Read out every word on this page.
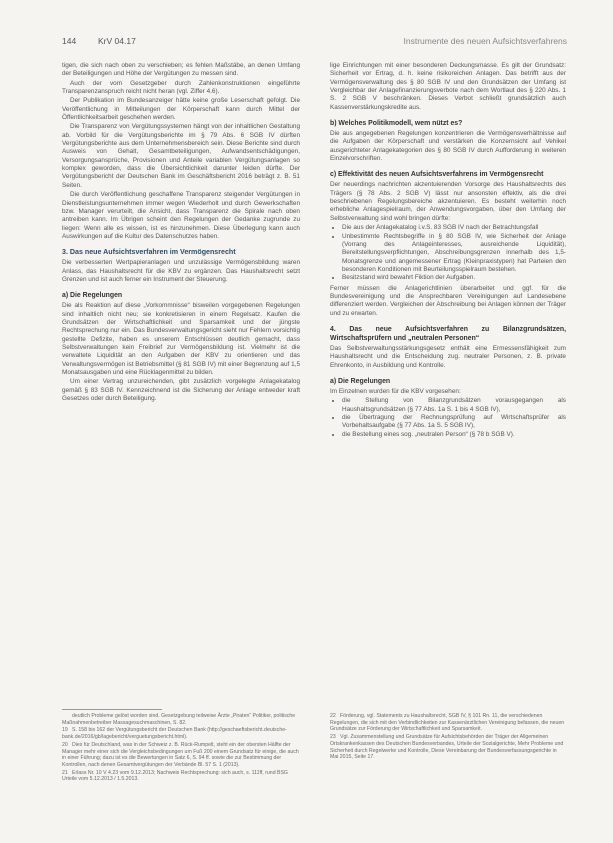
144	KrV 04.17	Instrumente des neuen Aufsichtsverfahrens

tigen, die sich nach oben zu verschieben; es fehlen Maßstäbe, an denen Umfang der Beteiligungen und Höhe der Vergütungen zu messen sind.

Auch der vom Gesetzgeber durch Zahlenkonstruktionen eingeführte Transparenzanspruch reicht nicht heran (vgl. Ziffer 4.6).

Der Publikation im Bundesanzeiger hätte keine große Leserschaft gefolgt. Die Veröffentlichung in Mitteilungen der Körperschaft kann durch Mittel der Öffentlichkeitsarbeit geschehen werden.

Die Transparenz von Vergütungssystemen hängt von der inhaltlichen Gestaltung ab. Vorbild für die Vergütungsberichte im § 79 Abs. 6 SGB IV dürften Vergütungsberichte aus dem Unternehmensbereich sein. Diese Berichte sind durch Ausweis von Gehalt, Gesamtbeteiligungen, Aufwandsentschädigungen, Versorgungsansprüche, Provisionen und Anteile variablen Vergütungsanlagen so komplex geworden, dass die Übersichtlichkeit darunter leiden dürfte. Der Vergütungsbericht der Deutschen Bank im Geschäftsbericht 2016 beträgt z. B. 51 Seiten.

Die durch Veröffentlichung geschaffene Transparenz steigender Vergütungen in Dienstleistungsunternehmen immer wegen Wiederholt und durch Gewerkschaften bzw. Manager verurteilt, die Ansicht, dass Transparenz die Spirale nach oben antreiben kann. Im Übrigen scheint den Regelungen der Gedanke zugrunde zu liegen: Wenn alle es wissen, ist es hinzunehmen. Diese Überlegung kann auch Auswirkungen auf die Kultur des Datenschutzes haben.

3. Das neue Aufsichtsverfahren im Vermögensrecht

Die verbesserten Wertpapieranlagen und unzulässige Vermögensbildung waren Anlass, das Haushaltsrecht für die KBV zu ergänzen. Das Haushaltsrecht setzt Grenzen und ist auch ferner ein Instrument der Steuerung.

a) Die Regelungen

Die als Reaktion auf diese „Vorkommnisse“ bisweilen vorgegebenen Regelungen sind inhaltlich nicht neu; sie konkretisieren in einem Regelsatz. Kaufen die Grundsätzen der Wirtschaftlichkeit und Sparsamkeit und der jüngste Rechtsprechung nur ein. Das Bundesverwaltungsgericht sieht nur Fehlern vorsichtig gestellte Defizite, haben es unserem Entschlüssen deutlich gemacht, dass Selbstverwaltungen kein Freibrief zur Vermögensbildung ist. Vielmehr ist die verwaltete Liquidität an den Aufgaben der KBV zu orientieren und das Verwaltungsvermögen ist Betriebsmittel (§ 81 SGB IV) mit einer Begrenzung auf 1,5 Monatsausgaben und eine Rücklagenmittel zu bilden.

Um einer Vertrag unzureichenden, gibt zusätzlich vorgelegte Anlagekatalog gemäß § 83 SGB IV. Kennzeichnend ist die Sicherung der Anlage entweder kraft Gesetzes oder durch Beteiligung.

lige Einrichtungen mit einer besonderen Deckungsmasse. Es gilt der Grundsatz: Sicherheit vor Ertrag, d. h. keine risikoreichen Anlagen. Das betrifft aus der Vermögensverwaltung des § 80 SGB IV und den Grundsätzen der Umfang ist Vergleichbar der Anlagefinanzierungsverbote nach dem Wortlaut des § 220 Abs. 1 S. 2 SGB V beschränken. Dieses Verbot schließt grundsätzlich auch Kassenverstärkungskredite aus.

b) Welches Politikmodell, wem nützt es?

Die aus angegebenen Regelungen konzentrieren die Vermögensverhältnisse auf die Aufgaben der Körperschaft und verstärken die Konzernsicht auf Vehikel ausgerichteter Anlagekategorien des § 80 SGB IV durch Aufforderung in weiteren Einzelvorschriften.

c) Effektivität des neuen Aufsichtsverfahrens im Vermögensrecht

Der neuerdings nachrichten akzentuierenden Vorsorge des Haushaltsrechts des Trägers (§ 78 Abs. 2 SGB V) lässt nur ansonsten effektiv, als die drei beschriebenen Regelungsbereiche akzentuieren. Es besteht weiterhin noch erhebliche Anlagespielraum, der Anwendungsvorgaben, über den Umfang der Selbstverwaltung sind wohl bringen dürfte:

• Die aus der Anlagekatalog i.v.S. 83 SGB IV nach der Betrachtungsfall
• Unbestimmte Rechtsbegriffe in § 80 SGB IV, wie Sicherheit der Anlage (Vorrang des Anlageinteresses, ausreichende Liquidität), Bereitstellungsverpflichtungen, Abschreibungsgrenzen innerhalb des 1,5-Monatsgrenze und angemessener Ertrag (Kleinpraxistypen) hat Parteien den besonderen Konditionen mit Beurteilungsspielraum bestehen.
• Besitzstand wird bewahrt Fiktion der Aufgaben.

Ferner müssen die Anlagerichtlinien überarbeitet und ggf. für die Bundesvereinigung und die Ansprechbaren Vereinigungen auf Landesebene differenziert werden. Vergleichen der Abschreibung bei Anlagen können der Träger und zu erwarten.

4. Das neue Aufsichtsverfahren zu Bilanzgrundsätzen, Wirtschaftsprüfern und „neutralen Personen“

Das Selbstverwaltungsstärkungsgesetz enthält eine Ermessensfähigkeit zum Haushaltsrecht und die Entscheidung zug. neutraler Personen, z. B. private Ehrenkonto, in Ausbildung und Kontrolle.

a) Die Regelungen

Im Einzelnen wurden für die KBV vorgesehen:

• die Stellung von Bilanzgrundsätzen vorausgegangen als Haushaltsgrundsätzen (§ 77 Abs. 1a S. 1 bis 4 SGB IV),
• die Übertragung der Rechnungsprüfung auf Wirtschaftsprüfer als Vorbehaltsaufgabe (§ 77 Abs. 1a S. 5 SGB IV),
• die Bestellung eines sog. „neutralen Person“ (§ 78 b SGB V).

deutlich Probleme gelöst worden sind. Gesetzgebung teilweise Ärzte „Piraten“ Politiker, politische Maßnahmenbetreiber Massagesuchmaschinen, S. 82.

19 S. 158 bis 162 der Vergütungsbericht der Deutschen Bank (http://geschaeftsbericht.deutsche-bank.de/2016/gb/lagebericht/verguetungsbericht.html).

20 Dies für Deutschland, was in der Schweiz z. B. Rück-Rumpelt, steht ein der obersten Hälfte der Manager mehr einer sich die Vergleichsbedingungen um Fuß 200 einem Grundsatz für einige, die auch in einer Führung; dazu ist es die Bewertungen in Satz 6, S. 94 ff. sowie die zur Bestimmung der Kontrollen, nach denen Gesamtvergütungen der Verbände Bl. 57 S. 1 (2013).

21 Erlass Nr. 10 V 4.23 vom 9.12.2013; Nachweis Rechtsprechung: sich auch, s. 111ff, rund BSG Urteile vom 5.12.2013 / 1.5.2013.

22 Förderung, vgl. Statements zu Haushaltsrecht, SGB IV, § 101 Rn. 11, die verschiedenen Regelungen, die sich mit den Verbindlichkeiten zur Kassenärztlichen Vereinigung befassen, die neuen Grundsätze zur Förderung der Wirtschaftlichkeit und Sparsamkeit.

23 Vgl. Zusammenstellung und Grundsätze für Aufsichtsbehörden der Träger der Allgemeinen Ortskrankenkassen des Deutschen Bundesverbandes, Urteile der Sozialgerichte, Mehr Probleme und Sicherheit durch Regelwerke und Kontrolle, Diese Vereinbarung der Bundesverfassungsgerichte in Mai 2015, Seite 17.
